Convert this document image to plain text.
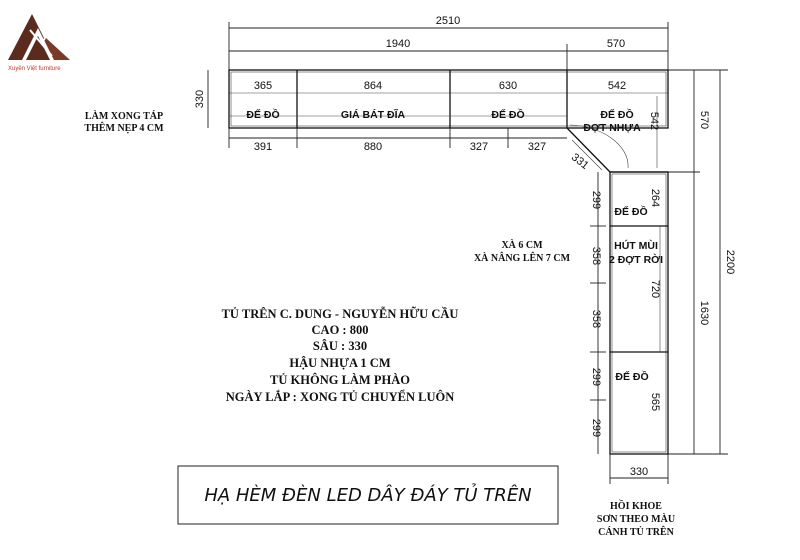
Xuyên Việt furniture
2510
1940	570
365	864	630	542
ĐẾ ĐỒ	GIÁ BÁT ĐĨA	ĐẾ ĐỒ
330
391	880	327	327
331
ĐẾ ĐỒ
ĐỢT NHỰA 542
ĐẾ ĐỒ
HÚT MÙI
2 ĐỢT RỜI
ĐẾ ĐỒ
264
720
565
299
358
358
299
299
570
1630
2200
330
LÀM XONG TÁP
THÊM NẸP 4 CM
XÀ 6 CM
XÀ NÂNG LÊN 7 CM
HỒI KHOE
SƠN THEO MÀU
CÁNH TỦ TRÊN
TỦ TRÊN C. DUNG - NGUYỄN HỮU CẦU
CAO : 800
SÂU : 330
HẬU NHỰA 1 CM
TỦ KHÔNG LÀM PHÀO
NGÀY LẮP : XONG TỦ CHUYỂN LUÔN
HẠ HÈM ĐÈN LED DÂY ĐÁY TỦ TRÊN
